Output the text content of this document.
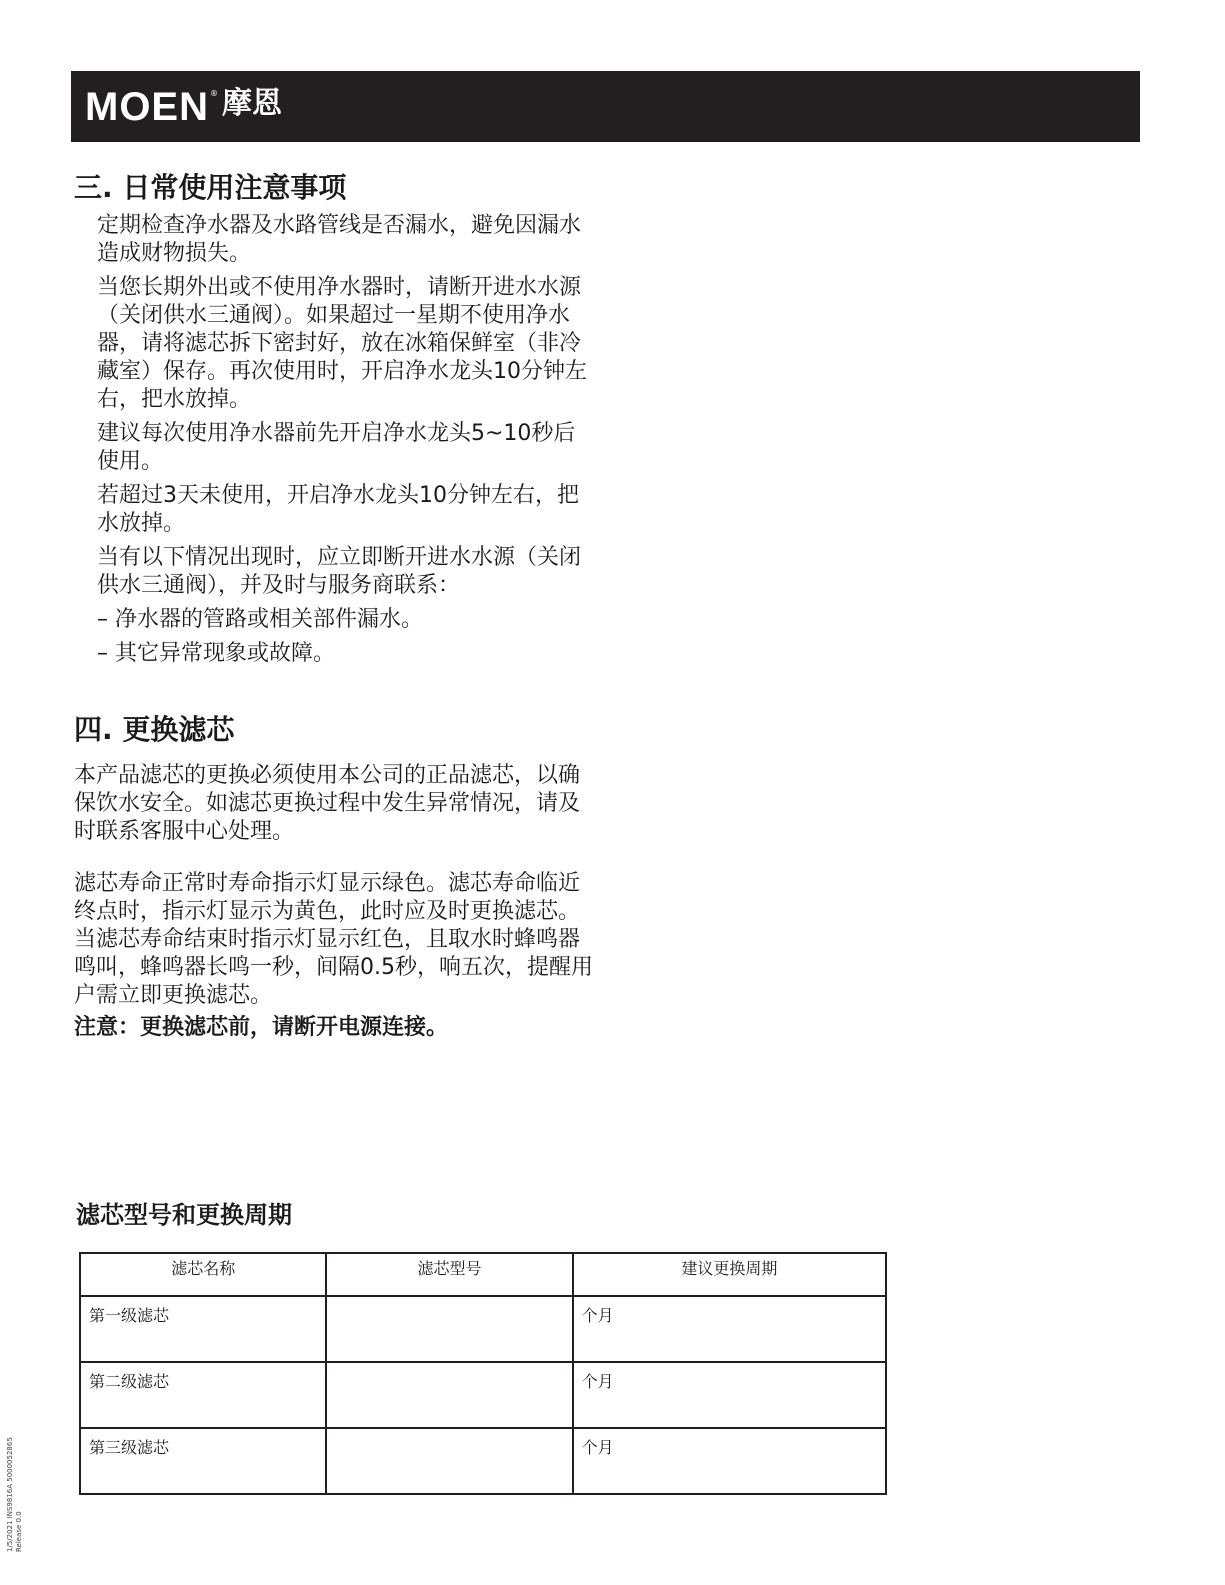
MOEN ® 摩恩
三. 日常使用注意事项

定期检查净水器及水路管线是否漏水，避免因漏水造成财物损失。

当您长期外出或不使用净水器时，请断开进水水源（关闭供水三通阀）。如果超过一星期不使用净水器，请将滤芯拆下密封好，放在冰箱保鲜室（非冷藏室）保存。再次使用时，开启净水龙头10分钟左右，把水放掉。

建议每次使用净水器前先开启净水龙头5~10秒后使用。

若超过3天未使用，开启净水龙头10分钟左右，把水放掉。

当有以下情况出现时，应立即断开进水水源（关闭供水三通阀），并及时与服务商联系：

– 净水器的管路或相关部件漏水。

– 其它异常现象或故障。

四. 更换滤芯

本产品滤芯的更换必须使用本公司的正品滤芯，以确保饮水安全。如滤芯更换过程中发生异常情况，请及时联系客服中心处理。

滤芯寿命正常时寿命指示灯显示绿色。滤芯寿命临近终点时，指示灯显示为黄色，此时应及时更换滤芯。当滤芯寿命结束时指示灯显示红色，且取水时蜂鸣器鸣叫，蜂鸣器长鸣一秒，间隔0.5秒，响五次，提醒用户需立即更换滤芯。

注意：更换滤芯前，请断开电源连接。

滤芯型号和更换周期
滤芯名称	滤芯型号	建议更换周期
第一级滤芯		个月
第二级滤芯		个月
第三级滤芯		个月
1/5/2021 INS9816A 5000052865 Release 0.0
